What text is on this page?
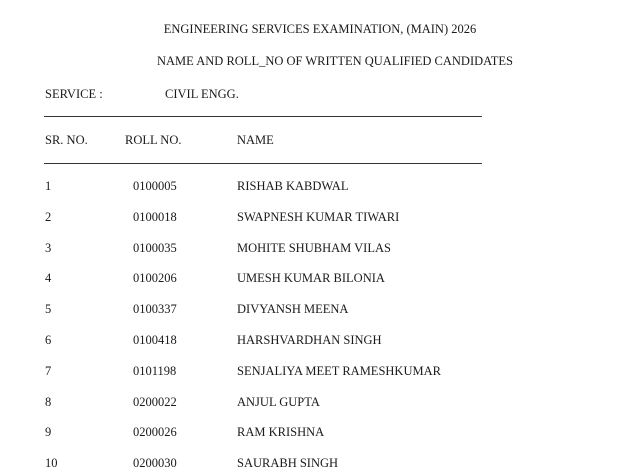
ENGINEERING SERVICES EXAMINATION, (MAIN) 2026
NAME AND ROLL_NO OF WRITTEN QUALIFIED CANDIDATES
SERVICE :	CIVIL ENGG.
SR. NO.	ROLL NO.	NAME
1	0100005	RISHAB KABDWAL
2	0100018	SWAPNESH KUMAR TIWARI
3	0100035	MOHITE SHUBHAM VILAS
4	0100206	UMESH KUMAR BILONIA
5	0100337	DIVYANSH MEENA
6	0100418	HARSHVARDHAN SINGH
7	0101198	SENJALIYA MEET RAMESHKUMAR
8	0200022	ANJUL GUPTA
9	0200026	RAM KRISHNA
10	0200030	SAURABH SINGH
